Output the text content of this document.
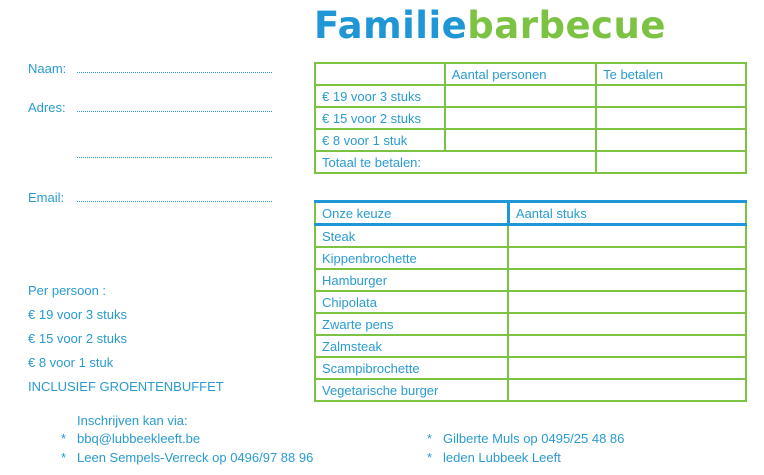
Familiebarbecue
Naam:
Adres:
Email:
Per persoon :
€ 19 voor 3 stuks
€ 15 voor 2 stuks
€ 8 voor 1 stuk
INCLUSIEF GROENTENBUFFET
	Aantal personen	Te betalen
€ 19 voor 3 stuks		
€ 15 voor 2 stuks		
€ 8 voor 1 stuk		
Totaal te betalen:		
Onze keuze	Aantal stuks
Steak	
Kippenbrochette	
Hamburger	
Chipolata	
Zwarte pens	
Zalmsteak	
Scampibrochette	
Vegetarische burger	
Inschrijven kan via:
* bbq@lubbeekleeft.be
* Leen Sempels-Verreck op 0496/97 88 96
* Gilberte Muls op 0495/25 48 86
* leden Lubbeek Leeft
